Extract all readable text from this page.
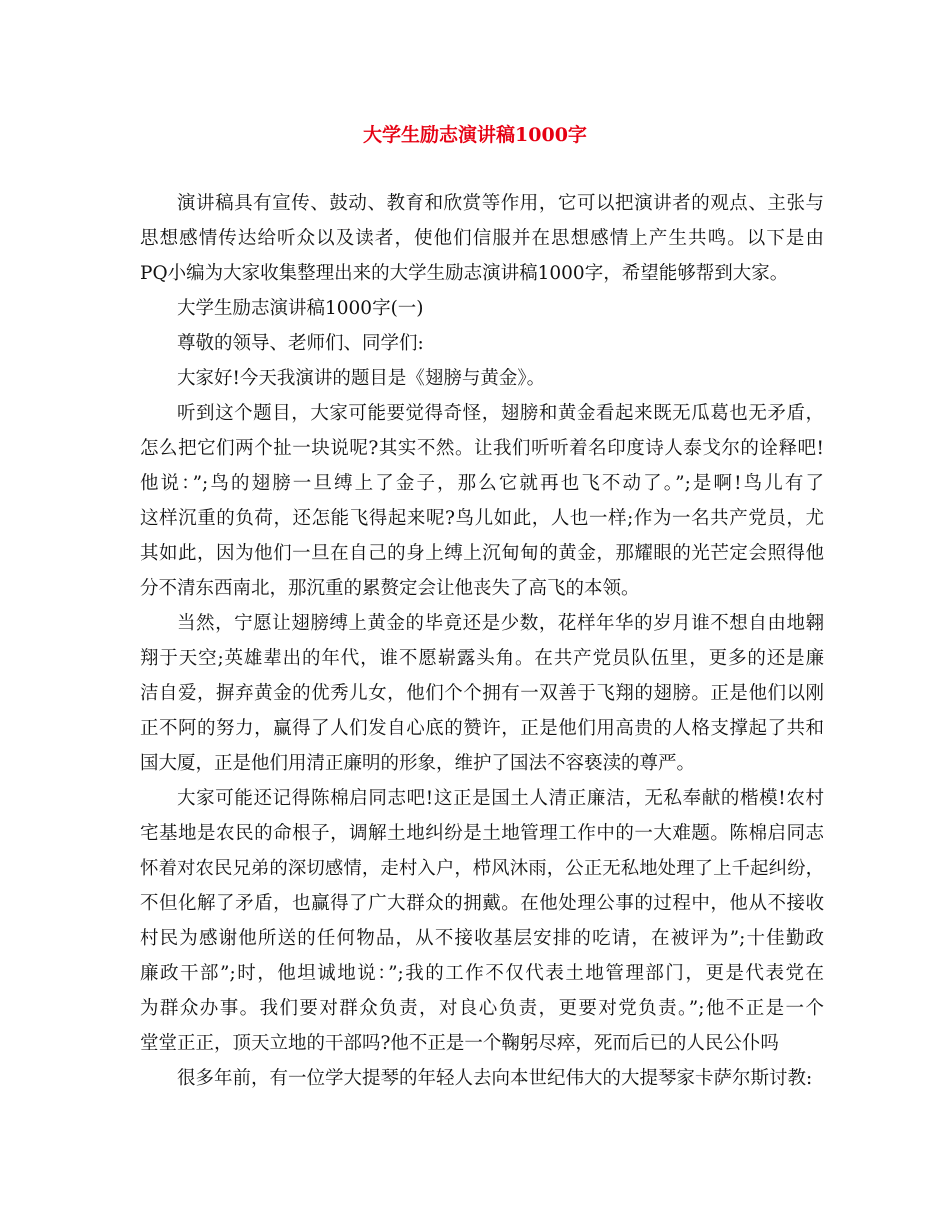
大学生励志演讲稿1000字
演讲稿具有宣传、鼓动、教育和欣赏等作用，它可以把演讲者的观点、主张与
思想感情传达给听众以及读者，使他们信服并在思想感情上产生共鸣。以下是由
PQ小编为大家收集整理出来的大学生励志演讲稿1000字，希望能够帮到大家。
大学生励志演讲稿1000字(一)
尊敬的领导、老师们、同学们:
大家好!今天我演讲的题目是《翅膀与黄金》。
听到这个题目，大家可能要觉得奇怪，翅膀和黄金看起来既无瓜葛也无矛盾，
怎么把它们两个扯一块说呢?其实不然。让我们听听着名印度诗人泰戈尔的诠释吧!
他说：”;鸟的翅膀一旦缚上了金子，那么它就再也飞不动了。”;是啊!鸟儿有了
这样沉重的负荷，还怎能飞得起来呢?鸟儿如此，人也一样;作为一名共产党员，尤
其如此，因为他们一旦在自己的身上缚上沉甸甸的黄金，那耀眼的光芒定会照得他
分不清东西南北，那沉重的累赘定会让他丧失了高飞的本领。
当然，宁愿让翅膀缚上黄金的毕竟还是少数，花样年华的岁月谁不想自由地翱
翔于天空;英雄辈出的年代，谁不愿崭露头角。在共产党员队伍里，更多的还是廉
洁自爱，摒弃黄金的优秀儿女，他们个个拥有一双善于飞翔的翅膀。正是他们以刚
正不阿的努力，赢得了人们发自心底的赞许，正是他们用高贵的人格支撑起了共和
国大厦，正是他们用清正廉明的形象，维护了国法不容亵渎的尊严。
大家可能还记得陈棉启同志吧!这正是国土人清正廉洁，无私奉献的楷模!农村
宅基地是农民的命根子，调解土地纠纷是土地管理工作中的一大难题。陈棉启同志
怀着对农民兄弟的深切感情，走村入户，栉风沐雨，公正无私地处理了上千起纠纷，
不但化解了矛盾，也赢得了广大群众的拥戴。在他处理公事的过程中，他从不接收
村民为感谢他所送的任何物品，从不接收基层安排的吃请，在被评为”;十佳勤政
廉政干部”;时，他坦诚地说：”;我的工作不仅代表土地管理部门，更是代表党在
为群众办事。我们要对群众负责，对良心负责，更要对党负责。”;他不正是一个
堂堂正正，顶天立地的干部吗?他不正是一个鞠躬尽瘁，死而后已的人民公仆吗
很多年前，有一位学大提琴的年轻人去向本世纪伟大的大提琴家卡萨尔斯讨教:
